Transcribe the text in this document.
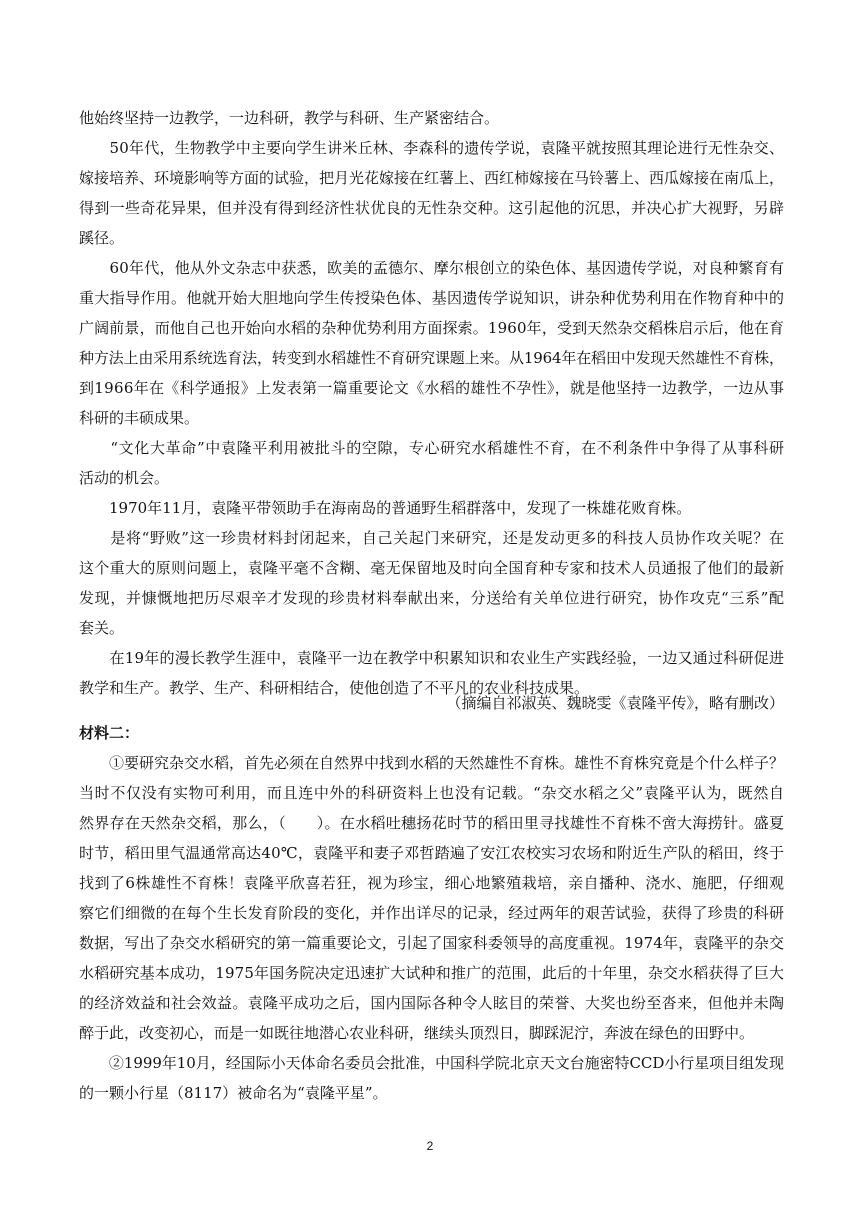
他始终坚持一边教学，一边科研，教学与科研、生产紧密结合。
　　50年代，生物教学中主要向学生讲米丘林、李森科的遗传学说，袁隆平就按照其理论进行无性杂交、
嫁接培养、环境影响等方面的试验，把月光花嫁接在红薯上、西红柿嫁接在马铃薯上、西瓜嫁接在南瓜上，
得到一些奇花异果，但并没有得到经济性状优良的无性杂交种。这引起他的沉思，并决心扩大视野，另辟
蹊径。
　　60年代，他从外文杂志中获悉，欧美的孟德尔、摩尔根创立的染色体、基因遗传学说，对良种繁育有
重大指导作用。他就开始大胆地向学生传授染色体、基因遗传学说知识，讲杂种优势利用在作物育种中的
广阔前景，而他自己也开始向水稻的杂种优势利用方面探索。1960年，受到天然杂交稻株启示后，他在育
种方法上由采用系统选育法，转变到水稻雄性不育研究课题上来。从1964年在稻田中发现天然雄性不育株，
到1966年在《科学通报》上发表第一篇重要论文《水稻的雄性不孕性》，就是他坚持一边教学，一边从事
科研的丰硕成果。
　　“文化大革命”中袁隆平利用被批斗的空隙，专心研究水稻雄性不育，在不利条件中争得了从事科研
活动的机会。
　　1970年11月，袁隆平带领助手在海南岛的普通野生稻群落中，发现了一株雄花败育株。
　　是将“野败”这一珍贵材料封闭起来，自己关起门来研究，还是发动更多的科技人员协作攻关呢？在
这个重大的原则问题上，袁隆平毫不含糊、毫无保留地及时向全国育种专家和技术人员通报了他们的最新
发现，并慷慨地把历尽艰辛才发现的珍贵材料奉献出来，分送给有关单位进行研究，协作攻克“三系”配
套关。
　　在19年的漫长教学生涯中，袁隆平一边在教学中积累知识和农业生产实践经验，一边又通过科研促进
教学和生产。教学、生产、科研相结合，使他创造了不平凡的农业科技成果。
（摘编自祁淑英、魏晓雯《袁隆平传》，略有删改）
材料二：
　　①要研究杂交水稻，首先必须在自然界中找到水稻的天然雄性不育株。雄性不育株究竟是个什么样子？
当时不仅没有实物可利用，而且连中外的科研资料上也没有记载。“杂交水稻之父”袁隆平认为，既然自
然界存在天然杂交稻，那么，（　　）。在水稻吐穗扬花时节的稻田里寻找雄性不育株不啻大海捞针。盛夏
时节，稻田里气温通常高达40℃，袁隆平和妻子邓哲踏遍了安江农校实习农场和附近生产队的稻田，终于
找到了6株雄性不育株！袁隆平欣喜若狂，视为珍宝，细心地繁殖栽培，亲自播种、浇水、施肥，仔细观
察它们细微的在每个生长发育阶段的变化，并作出详尽的记录，经过两年的艰苦试验，获得了珍贵的科研
数据，写出了杂交水稻研究的第一篇重要论文，引起了国家科委领导的高度重视。1974年，袁隆平的杂交
水稻研究基本成功，1975年国务院决定迅速扩大试种和推广的范围，此后的十年里，杂交水稻获得了巨大
的经济效益和社会效益。袁隆平成功之后，国内国际各种令人眩目的荣誉、大奖也纷至沓来，但他并未陶
醉于此，改变初心，而是一如既往地潜心农业科研，继续头顶烈日，脚踩泥泞，奔波在绿色的田野中。
　　②1999年10月，经国际小天体命名委员会批准，中国科学院北京天文台施密特CCD小行星项目组发现
的一颗小行星（8117）被命名为“袁隆平星”。
2
